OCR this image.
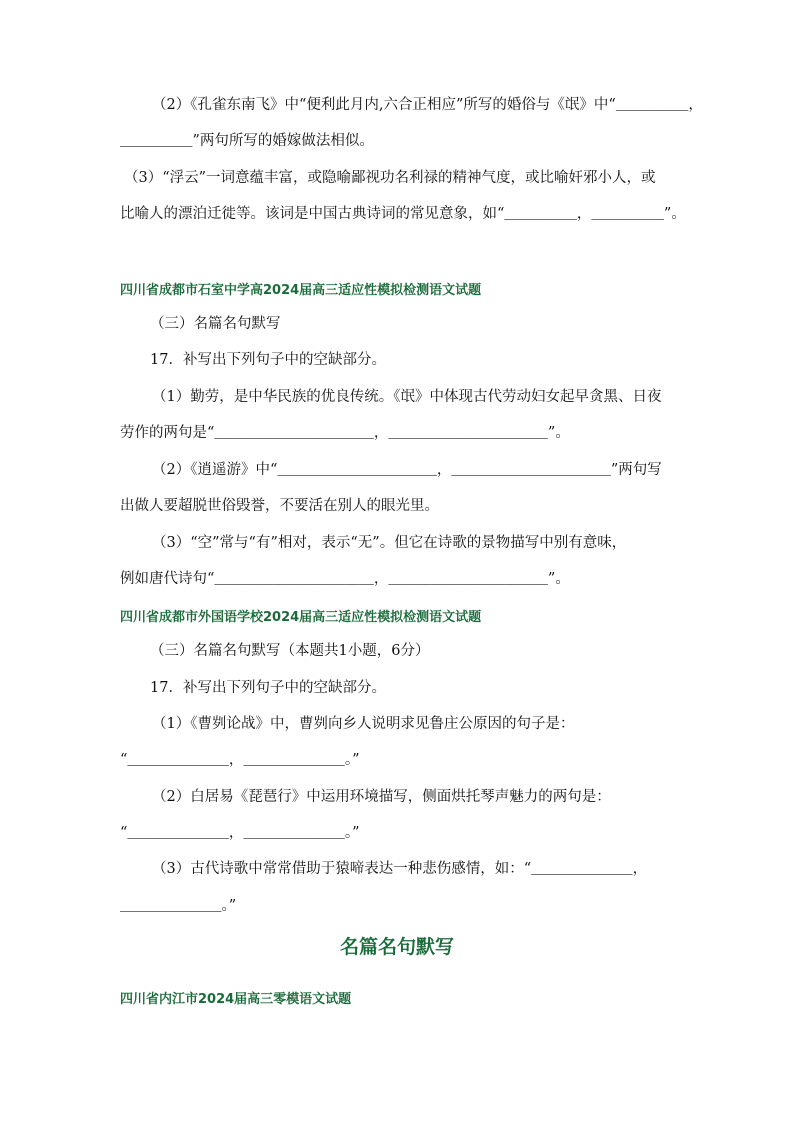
（2）《孔雀东南飞》中“便利此月内,六合正相应”所写的婚俗与《氓》中“＿＿＿＿＿，
＿＿＿＿＿”两句所写的婚嫁做法相似。
（3）“浮云”一词意蕴丰富，或隐喻鄙视功名利禄的精神气度，或比喻奸邪小人，或
比喻人的漂泊迁徙等。该词是中国古典诗词的常见意象，如“＿＿＿＿＿，＿＿＿＿＿”。
四川省成都市石室中学高2024届高三适应性模拟检测语文试题
（三）名篇名句默写
17．补写出下列句子中的空缺部分。
（1）勤劳，是中华民族的优良传统。《氓》中体现古代劳动妇女起早贪黑、日夜
劳作的两句是“＿＿＿＿＿＿＿＿＿＿＿，＿＿＿＿＿＿＿＿＿＿＿”。
（2）《逍遥游》中“＿＿＿＿＿＿＿＿＿＿＿，＿＿＿＿＿＿＿＿＿＿＿”两句写
出做人要超脱世俗毁誉，不要活在别人的眼光里。
（3）“空”常与“有”相对，表示“无”。但它在诗歌的景物描写中别有意味，
例如唐代诗句“＿＿＿＿＿＿＿＿＿＿＿，＿＿＿＿＿＿＿＿＿＿＿”。
四川省成都市外国语学校2024届高三适应性模拟检测语文试题
（三）名篇名句默写（本题共1小题，6分）
17．补写出下列句子中的空缺部分。
（1）《曹刿论战》中，曹刿向乡人说明求见鲁庄公原因的句子是：
“＿＿＿＿＿＿＿，＿＿＿＿＿＿＿。”
（2）白居易《琵琶行》中运用环境描写，侧面烘托琴声魅力的两句是：
“＿＿＿＿＿＿＿，＿＿＿＿＿＿＿。”
（3）古代诗歌中常常借助于猿啼表达一种悲伤感情，如：“＿＿＿＿＿＿＿，
＿＿＿＿＿＿＿。”
名篇名句默写
四川省内江市2024届高三零模语文试题
